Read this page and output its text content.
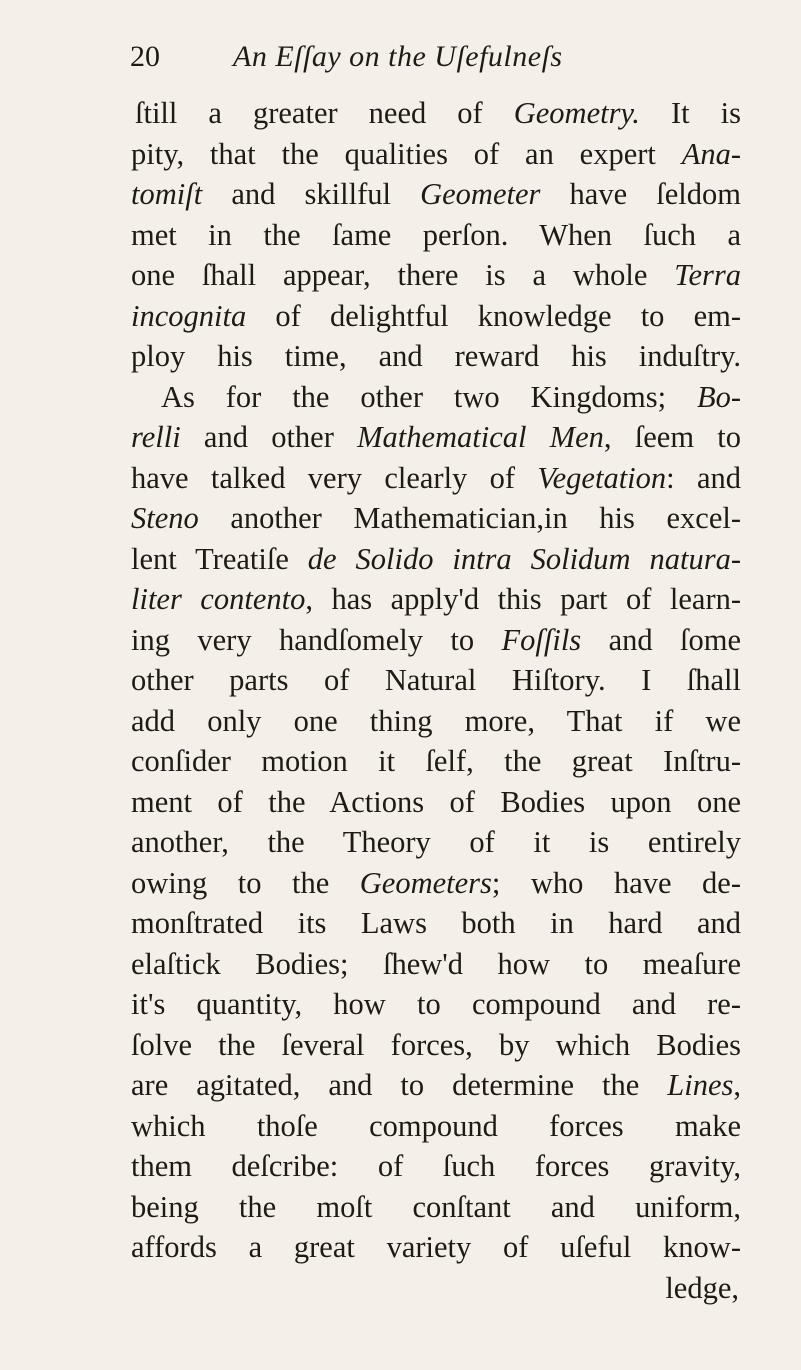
20 An Eſſay on the Uſefulneſs
ſtill a greater need of Geometry. It is
pity, that the qualities of an expert Ana-
tomiſt and skillful Geometer have ſeldom
met in the ſame perſon. When ſuch a
one ſhall appear, there is a whole Terra
incognita of delightful knowledge to em-
ploy his time, and reward his induſtry.
As for the other two Kingdoms; Bo-
relli and other Mathematical Men, ſeem to
have talked very clearly of Vegetation: and
Steno another Mathematician,in his excel-
lent Treatiſe de Solido intra Solidum natura-
liter contento, has apply'd this part of learn-
ing very handſomely to Foſſils and ſome
other parts of Natural Hiſtory. I ſhall
add only one thing more, That if we
conſider motion it ſelf, the great Inſtru-
ment of the Actions of Bodies upon one
another, the Theory of it is entirely
owing to the Geometers; who have de-
monſtrated its Laws both in hard and
elaſtick Bodies; ſhew'd how to meaſure
it's quantity, how to compound and re-
ſolve the ſeveral forces, by which Bodies
are agitated, and to determine the Lines,
which thoſe compound forces make
them deſcribe: of ſuch forces gravity,
being the moſt conſtant and uniform,
affords a great variety of uſeful know-
ledge,
